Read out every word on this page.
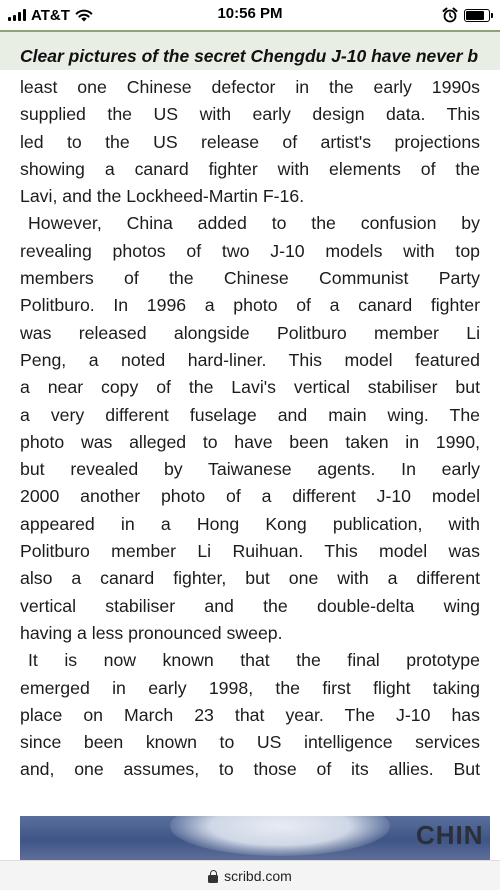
AT&T	10:56 PM
Clear pictures of the secret Chengdu J-10 have never b
least one Chinese defector in the early 1990s
supplied the US with early design data. This
led to the US release of artist's projections
showing a canard fighter with elements of the
Lavi, and the Lockheed-Martin F-16.
However, China added to the confusion by
revealing photos of two J-10 models with top
members of the Chinese Communist Party
Politburo. In 1996 a photo of a canard fighter
was released alongside Politburo member Li
Peng, a noted hard-liner. This model featured
a near copy of the Lavi's vertical stabiliser but
a very different fuselage and main wing. The
photo was alleged to have been taken in 1990,
but revealed by Taiwanese agents. In early
2000 another photo of a different J-10 model
appeared in a Hong Kong publication, with
Politburo member Li Ruihuan. This model was
also a canard fighter, but one with a different
vertical stabiliser and the double-delta wing
having a less pronounced sweep.
It is now known that the final prototype
emerged in early 1998, the first flight taking
place on March 23 that year. The J-10 has
since been known to US intelligence services
and, one assumes, to those of its allies. But
CHIN
scribd.com
